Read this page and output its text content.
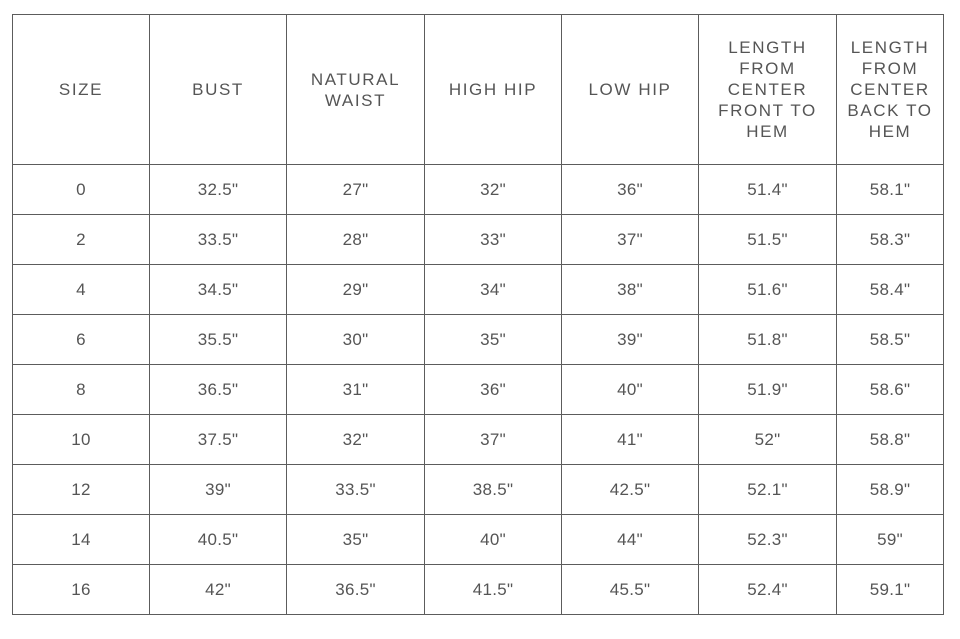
SIZE	BUST	NATURAL WAIST	HIGH HIP	LOW HIP	LENGTH FROM CENTER FRONT TO HEM	LENGTH FROM CENTER BACK TO HEM
0	32.5"	27"	32"	36"	51.4"	58.1"
2	33.5"	28"	33"	37"	51.5"	58.3"
4	34.5"	29"	34"	38"	51.6"	58.4"
6	35.5"	30"	35"	39"	51.8"	58.5"
8	36.5"	31"	36"	40"	51.9"	58.6"
10	37.5"	32"	37"	41"	52"	58.8"
12	39"	33.5"	38.5"	42.5"	52.1"	58.9"
14	40.5"	35"	40"	44"	52.3"	59"
16	42"	36.5"	41.5"	45.5"	52.4"	59.1"
